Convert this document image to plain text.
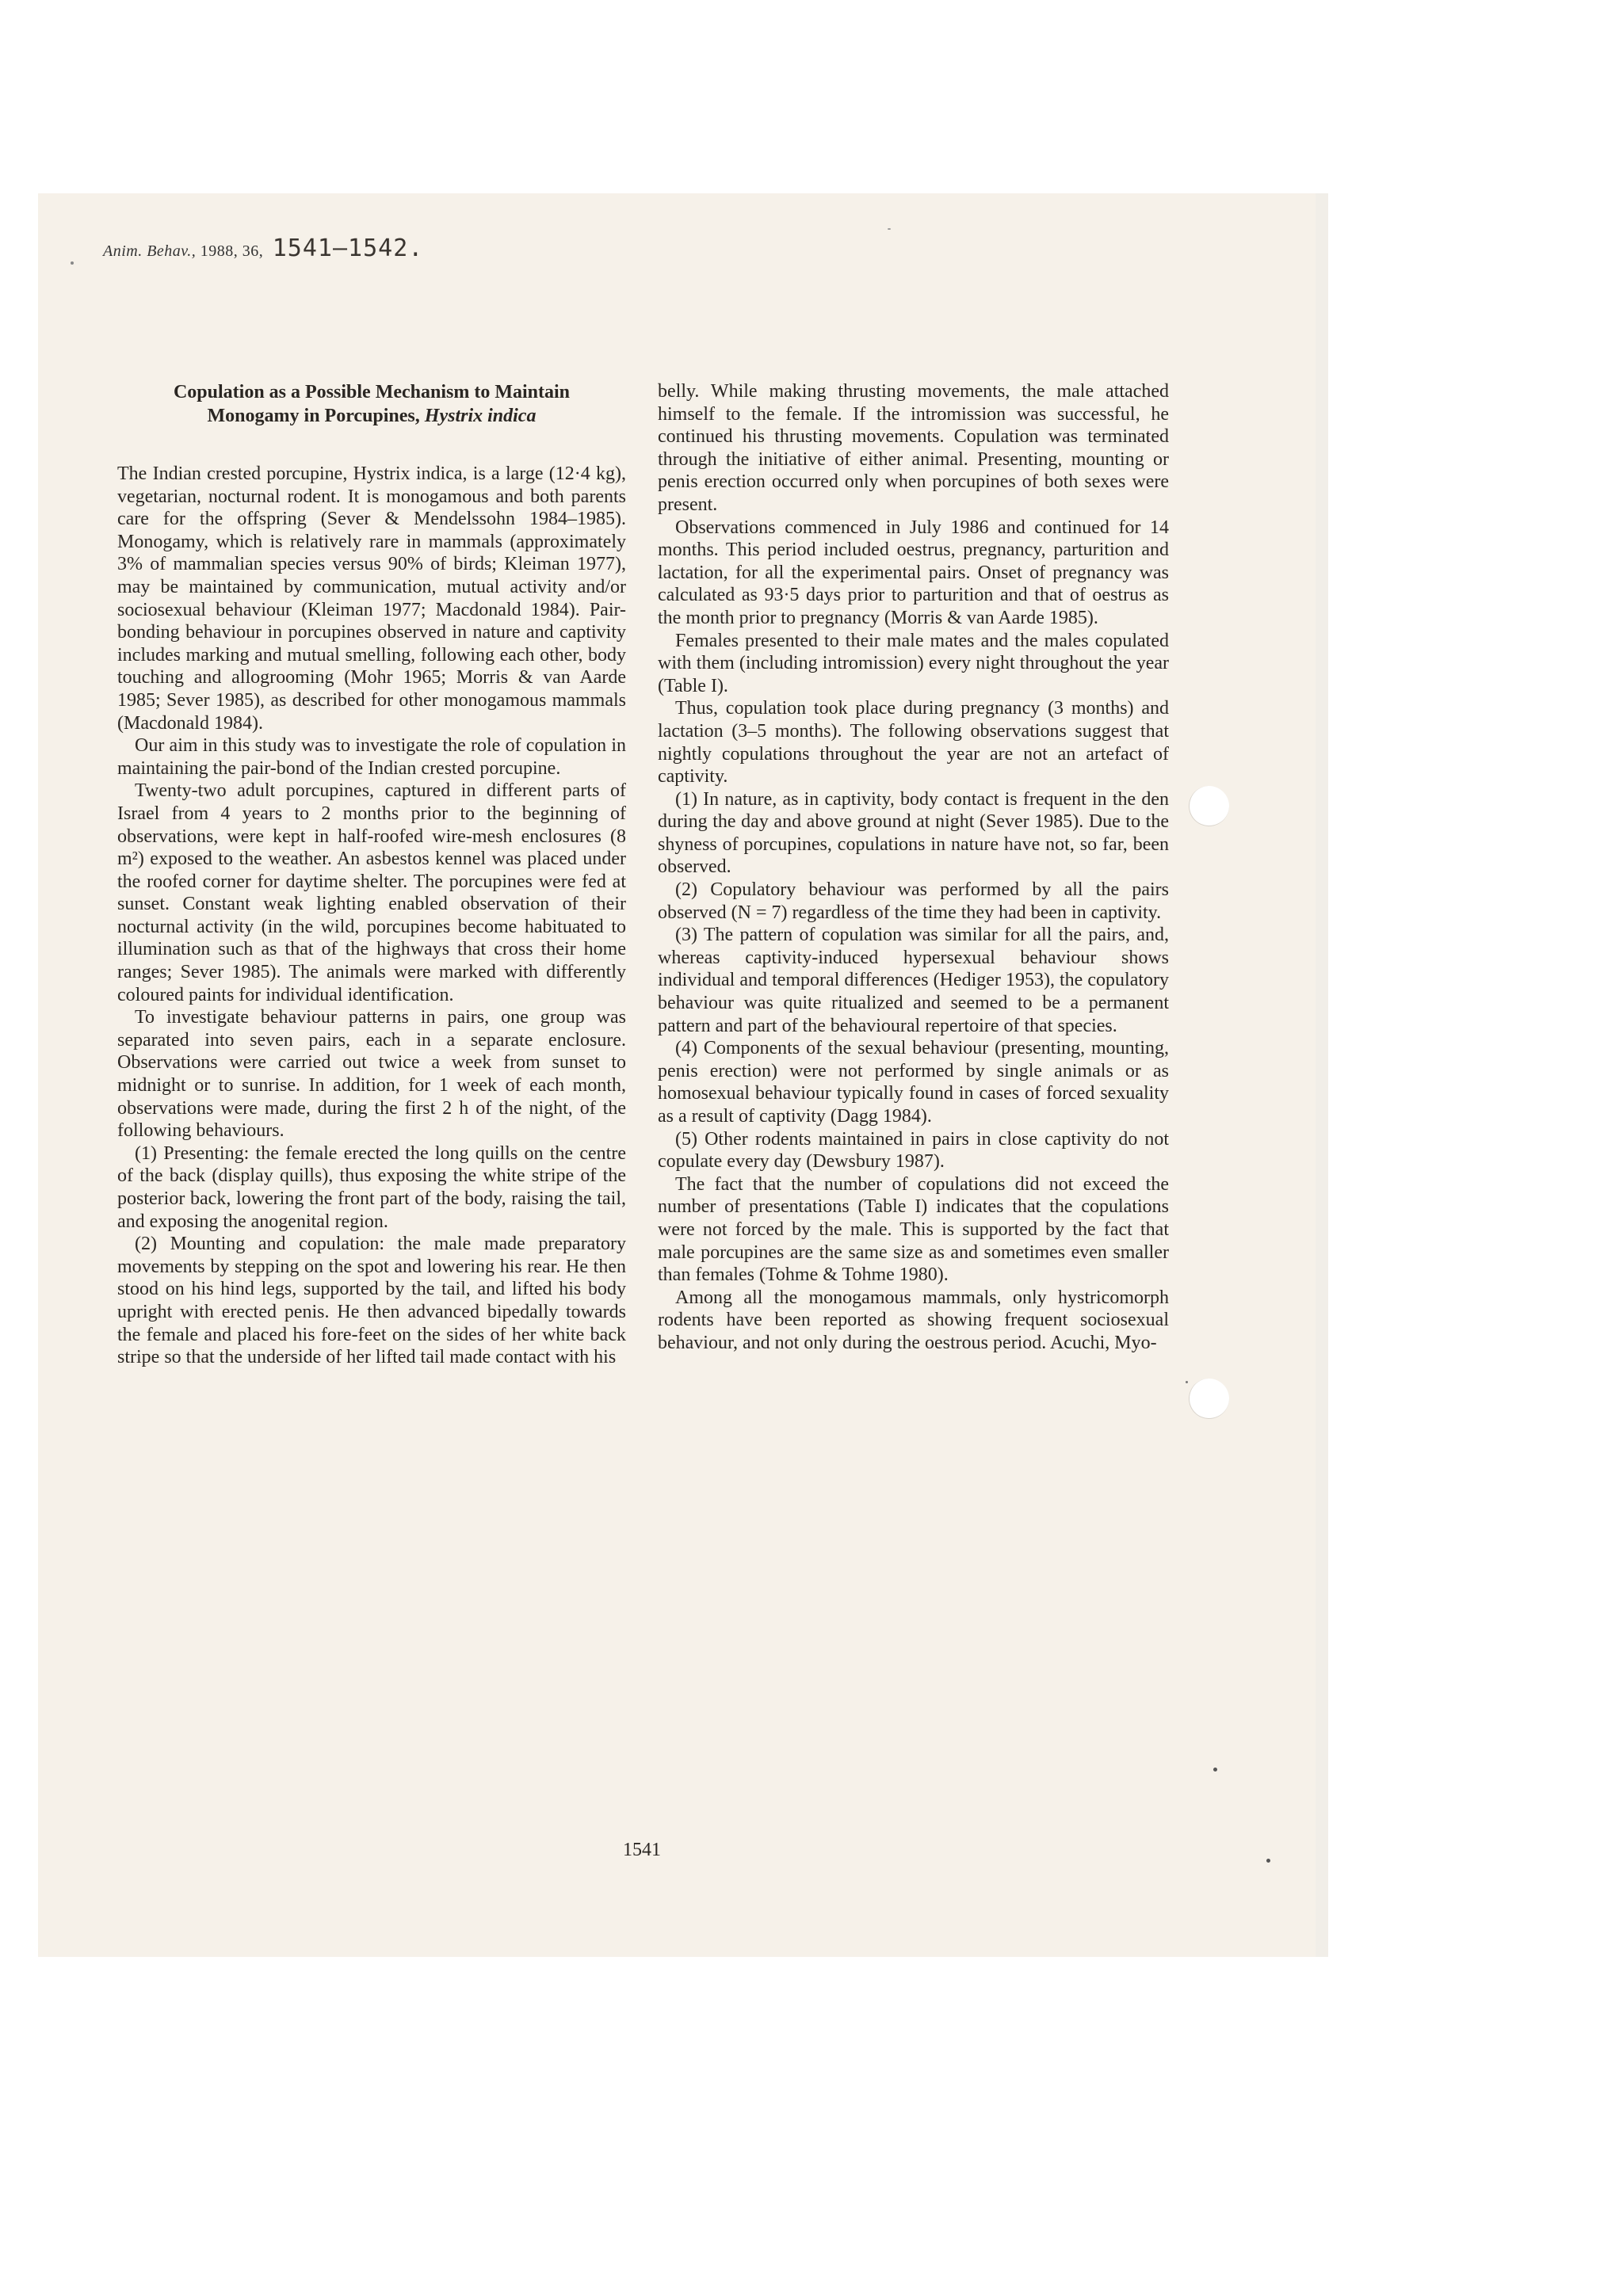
Anim. Behav., 1988, 36, 1541–1542.
Copulation as a Possible Mechanism to Maintain
Monogamy in Porcupines, Hystrix indica

The Indian crested porcupine, Hystrix indica, is a large (12·4 kg), vegetarian, nocturnal rodent. It is monogamous and both parents care for the offspring (Sever & Mendelssohn 1984–1985). Monogamy, which is relatively rare in mammals (approximately 3% of mammalian species versus 90% of birds; Kleiman 1977), may be maintained by communication, mutual activity and/or sociosexual behaviour (Kleiman 1977; Macdonald 1984). Pair-bonding behaviour in porcupines observed in nature and captivity includes marking and mutual smelling, following each other, body touching and allogrooming (Mohr 1965; Morris & van Aarde 1985; Sever 1985), as described for other monogamous mammals (Macdonald 1984).

Our aim in this study was to investigate the role of copulation in maintaining the pair-bond of the Indian crested porcupine.

Twenty-two adult porcupines, captured in different parts of Israel from 4 years to 2 months prior to the beginning of observations, were kept in half-roofed wire-mesh enclosures (8 m²) exposed to the weather. An asbestos kennel was placed under the roofed corner for daytime shelter. The porcupines were fed at sunset. Constant weak lighting enabled observation of their nocturnal activity (in the wild, porcupines become habituated to illumination such as that of the highways that cross their home ranges; Sever 1985). The animals were marked with differently coloured paints for individual identification.

To investigate behaviour patterns in pairs, one group was separated into seven pairs, each in a separate enclosure. Observations were carried out twice a week from sunset to midnight or to sunrise. In addition, for 1 week of each month, observations were made, during the first 2 h of the night, of the following behaviours.

(1) Presenting: the female erected the long quills on the centre of the back (display quills), thus exposing the white stripe of the posterior back, lowering the front part of the body, raising the tail, and exposing the anogenital region.

(2) Mounting and copulation: the male made preparatory movements by stepping on the spot and lowering his rear. He then stood on his hind legs, supported by the tail, and lifted his body upright with erected penis. He then advanced bipedally towards the female and placed his fore-feet on the sides of her white back stripe so that the underside of her lifted tail made contact with his

belly. While making thrusting movements, the male attached himself to the female. If the intromission was successful, he continued his thrusting movements. Copulation was terminated through the initiative of either animal. Presenting, mounting or penis erection occurred only when porcupines of both sexes were present.

Observations commenced in July 1986 and continued for 14 months. This period included oestrus, pregnancy, parturition and lactation, for all the experimental pairs. Onset of pregnancy was calculated as 93·5 days prior to parturition and that of oestrus as the month prior to pregnancy (Morris & van Aarde 1985).

Females presented to their male mates and the males copulated with them (including intromission) every night throughout the year (Table I).

Thus, copulation took place during pregnancy (3 months) and lactation (3–5 months). The following observations suggest that nightly copulations throughout the year are not an artefact of captivity.

(1) In nature, as in captivity, body contact is frequent in the den during the day and above ground at night (Sever 1985). Due to the shyness of porcupines, copulations in nature have not, so far, been observed.

(2) Copulatory behaviour was performed by all the pairs observed (N = 7) regardless of the time they had been in captivity.

(3) The pattern of copulation was similar for all the pairs, and, whereas captivity-induced hypersexual behaviour shows individual and temporal differences (Hediger 1953), the copulatory behaviour was quite ritualized and seemed to be a permanent pattern and part of the behavioural repertoire of that species.

(4) Components of the sexual behaviour (presenting, mounting, penis erection) were not performed by single animals or as homosexual behaviour typically found in cases of forced sexuality as a result of captivity (Dagg 1984).

(5) Other rodents maintained in pairs in close captivity do not copulate every day (Dewsbury 1987).

The fact that the number of copulations did not exceed the number of presentations (Table I) indicates that the copulations were not forced by the male. This is supported by the fact that male porcupines are the same size as and sometimes even smaller than females (Tohme & Tohme 1980).

Among all the monogamous mammals, only hystricomorph rodents have been reported as showing frequent sociosexual behaviour, and not only during the oestrous period. Acuchi, Myo-

1541
